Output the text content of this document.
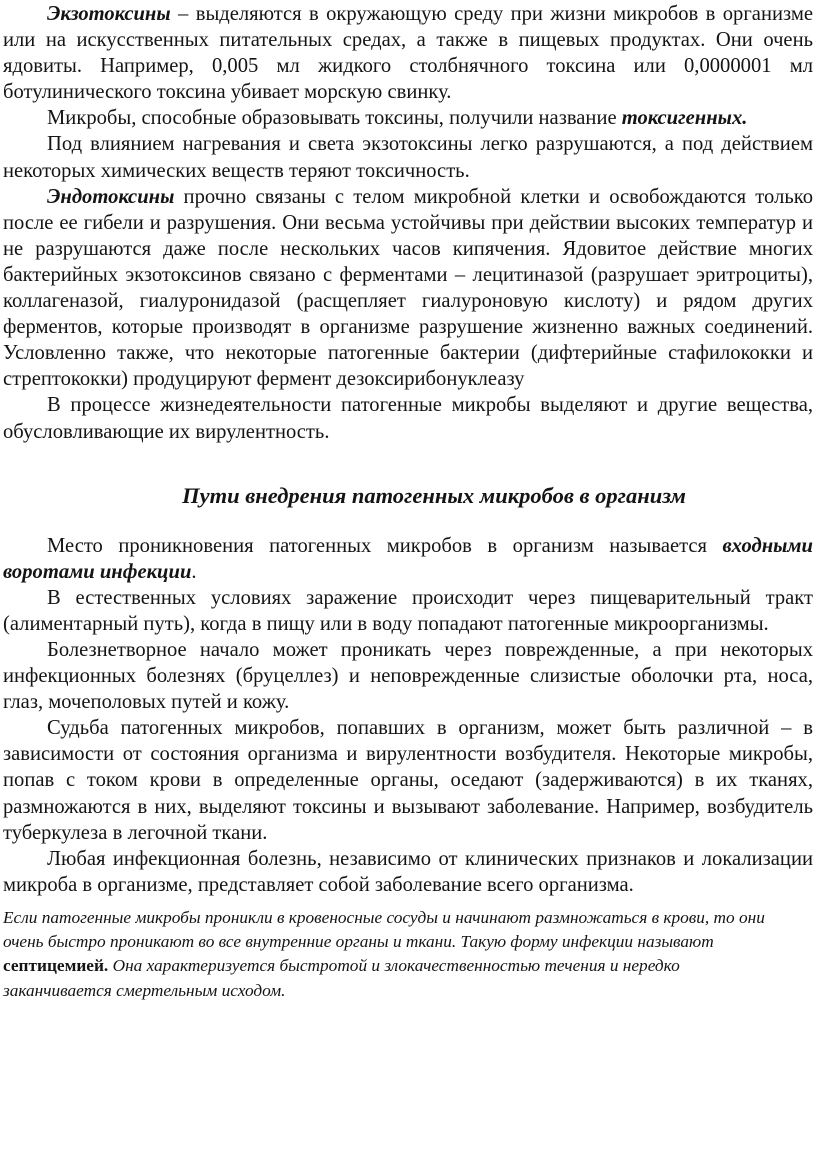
Экзотоксины – выделяются в окружающую среду при жизни микробов в организме или на искусственных питательных средах, а также в пищевых продуктах. Они очень ядовиты. Например, 0,005 мл жидкого столбнячного токсина или 0,0000001 мл ботулинического токсина убивает морскую свинку.

Микробы, способные образовывать токсины, получили название токсигенных.

Под влиянием нагревания и света экзотоксины легко разрушаются, а под действием некоторых химических веществ теряют токсичность.

Эндотоксины прочно связаны с телом микробной клетки и освобождаются только после ее гибели и разрушения. Они весьма устойчивы при действии высоких температур и не разрушаются даже после нескольких часов кипячения. Ядовитое действие многих бактерийных экзотоксинов связано с ферментами – лецитиназой (разрушает эритроциты), коллагеназой, гиалуронидазой (расщепляет гиалуроновую кислоту) и рядом других ферментов, которые производят в организме разрушение жизненно важных соединений. Условленно также, что некоторые патогенные бактерии (дифтерийные стафилококки и стрептококки) продуцируют фермент дезоксирибонуклеазу

В процессе жизнедеятельности патогенные микробы выделяют и другие вещества, обусловливающие их вирулентность.

Пути внедрения патогенных микробов в организм

Место проникновения патогенных микробов в организм называется входными воротами инфекции.

В естественных условиях заражение происходит через пищеварительный тракт (алиментарный путь), когда в пищу или в воду попадают патогенные микроорганизмы.

Болезнетворное начало может проникать через поврежденные, а при некоторых инфекционных болезнях (бруцеллез) и неповрежденные слизистые оболочки рта, носа, глаз, мочеполовых путей и кожу.

Судьба патогенных микробов, попавших в организм, может быть различной – в зависимости от состояния организма и вирулентности возбудителя. Некоторые микробы, попав с током крови в определенные органы, оседают (задерживаются) в их тканях, размножаются в них, выделяют токсины и вызывают заболевание. Например, возбудитель туберкулеза в легочной ткани.

Любая инфекционная болезнь, независимо от клинических признаков и локализации микроба в организме, представляет собой заболевание всего организма.

Если патогенные микробы проникли в кровеносные сосуды и начинают размножаться в крови, то они очень быстро проникают во все внутренние органы и ткани. Такую форму инфекции называют септицемией. Она характеризуется быстротой и злокачественностью течения и нередко заканчивается смертельным исходом.
